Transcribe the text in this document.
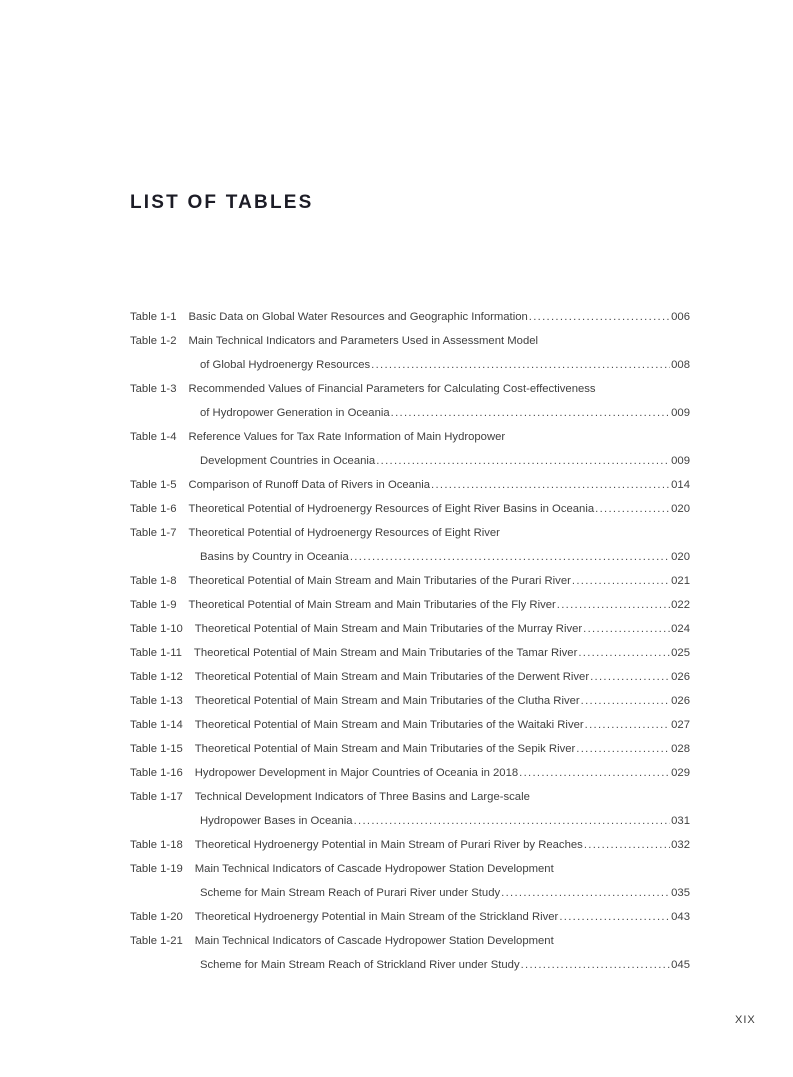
LIST OF TABLES
Table 1-1 Basic Data on Global Water Resources and Geographic Information .....	006
Table 1-2 Main Technical Indicators and Parameters Used in Assessment Model
of Global Hydroenergy Resources .....	008
Table 1-3 Recommended Values of Financial Parameters for Calculating Cost-effectiveness
of Hydropower Generation in Oceania .....	009
Table 1-4 Reference Values for Tax Rate Information of Main Hydropower
Development Countries in Oceania .....	009
Table 1-5 Comparison of Runoff Data of Rivers in Oceania .....	014
Table 1-6 Theoretical Potential of Hydroenergy Resources of Eight River Basins in Oceania .....	020
Table 1-7 Theoretical Potential of Hydroenergy Resources of Eight River
Basins by Country in Oceania .....	020
Table 1-8 Theoretical Potential of Main Stream and Main Tributaries of the Purari River .....	021
Table 1-9 Theoretical Potential of Main Stream and Main Tributaries of the Fly River .....	022
Table 1-10 Theoretical Potential of Main Stream and Main Tributaries of the Murray River .....	024
Table 1-11 Theoretical Potential of Main Stream and Main Tributaries of the Tamar River .....	025
Table 1-12 Theoretical Potential of Main Stream and Main Tributaries of the Derwent River .....	026
Table 1-13 Theoretical Potential of Main Stream and Main Tributaries of the Clutha River .....	026
Table 1-14 Theoretical Potential of Main Stream and Main Tributaries of the Waitaki River .....	027
Table 1-15 Theoretical Potential of Main Stream and Main Tributaries of the Sepik River .....	028
Table 1-16 Hydropower Development in Major Countries of Oceania in 2018 .....	029
Table 1-17 Technical Development Indicators of Three Basins and Large-scale
Hydropower Bases in Oceania .....	031
Table 1-18 Theoretical Hydroenergy Potential in Main Stream of Purari River by Reaches .....	032
Table 1-19 Main Technical Indicators of Cascade Hydropower Station Development
Scheme for Main Stream Reach of Purari River under Study .....	035
Table 1-20 Theoretical Hydroenergy Potential in Main Stream of the Strickland River .....	043
Table 1-21 Main Technical Indicators of Cascade Hydropower Station Development
Scheme for Main Stream Reach of Strickland River under Study .....	045
XIX
